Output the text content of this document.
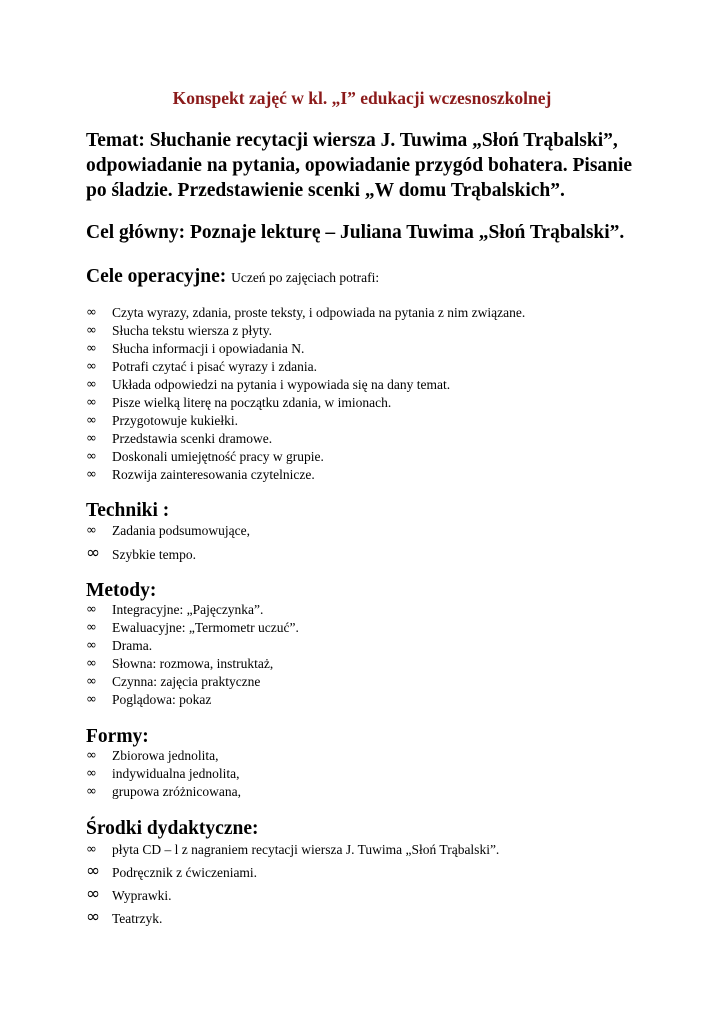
Konspekt zajęć w kl. „I” edukacji wczesnoszkolnej

Temat: Słuchanie recytacji wiersza J. Tuwima „Słoń Trąbalski”, odpowiadanie na pytania, opowiadanie przygód bohatera. Pisanie po śladzie. Przedstawienie scenki „W domu Trąbalskich”.

Cel główny: Poznaje lekturę – Juliana Tuwima „Słoń Trąbalski”.

Cele operacyjne: Uczeń po zajęciach potrafi:
∞	Czyta wyrazy, zdania, proste teksty, i odpowiada na pytania z nim związane.
∞	Słucha tekstu wiersza z płyty.
∞	Słucha informacji i opowiadania N.
∞	Potrafi czytać i pisać wyrazy i zdania.
∞	Układa odpowiedzi na pytania i wypowiada się na dany temat.
∞	Pisze wielką literę na początku zdania, w imionach.
∞	Przygotowuje kukiełki.
∞	Przedstawia scenki dramowe.
∞	Doskonali umiejętność pracy w grupie.
∞	Rozwija zainteresowania czytelnicze.
Techniki :
∞	Zadania podsumowujące,
∞ Szybkie tempo.
Metody:
∞	Integracyjne: „Pajęczynka”.
∞	Ewaluacyjne: „Termometr uczuć”.
∞	Drama.
∞	Słowna: rozmowa, instruktaż,
∞	Czynna: zajęcia praktyczne
∞	Poglądowa: pokaz
Formy:
∞	Zbiorowa jednolita,
∞	indywidualna jednolita,
∞	grupowa zróżnicowana,
Środki dydaktyczne:
∞	płyta CD – l z nagraniem recytacji wiersza J. Tuwima „Słoń Trąbalski”.
∞ Podręcznik z ćwiczeniami.
∞ Wyprawki.
∞ Teatrzyk.
